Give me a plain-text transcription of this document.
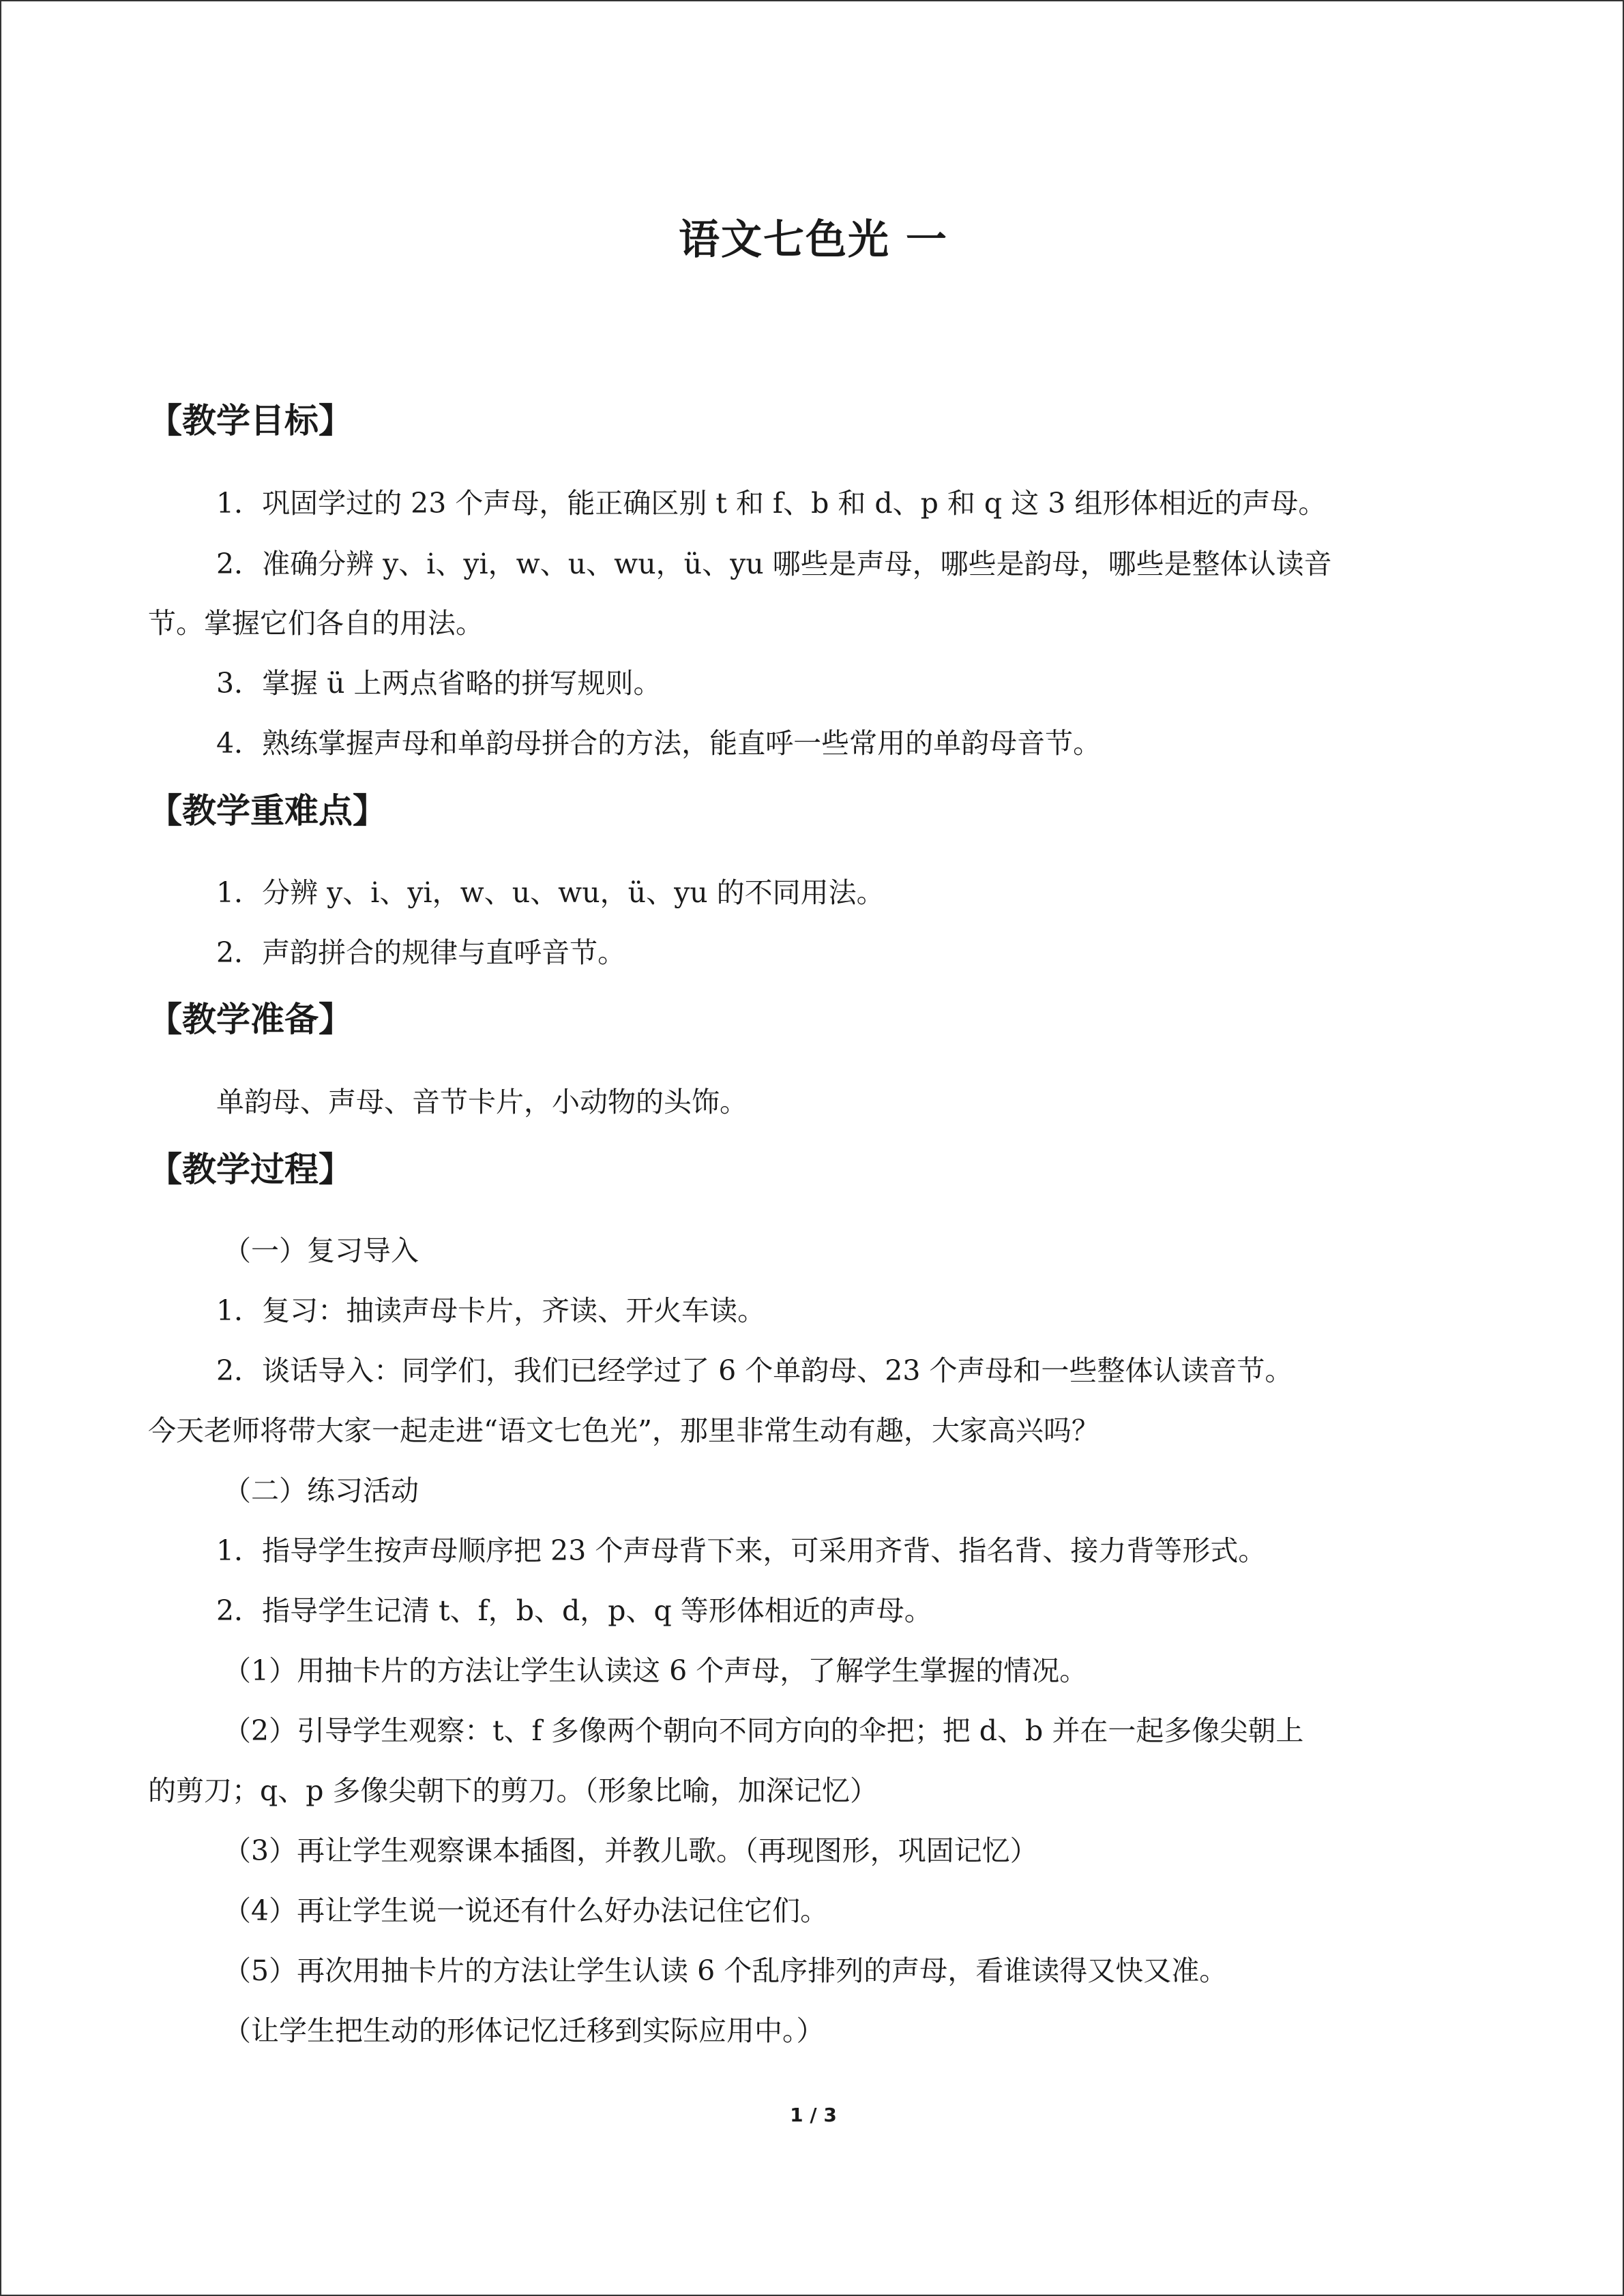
语文七色光 一
【教学目标】
1．巩固学过的 23 个声母，能正确区别 t 和 f、b 和 d、p 和 q 这 3 组形体相近的声母。
2．准确分辨 y、i、yi，w、u、wu，ü、yu 哪些是声母，哪些是韵母，哪些是整体认读音
节。掌握它们各自的用法。
3．掌握 ü 上两点省略的拼写规则。
4．熟练掌握声母和单韵母拼合的方法，能直呼一些常用的单韵母音节。
【教学重难点】
1．分辨 y、i、yi，w、u、wu，ü、yu 的不同用法。
2．声韵拼合的规律与直呼音节。
【教学准备】
单韵母、声母、音节卡片，小动物的头饰。
【教学过程】
（一）复习导入
1．复习：抽读声母卡片，齐读、开火车读。
2．谈话导入：同学们，我们已经学过了 6 个单韵母、23 个声母和一些整体认读音节。
今天老师将带大家一起走进“语文七色光”，那里非常生动有趣，大家高兴吗？
（二）练习活动
1．指导学生按声母顺序把 23 个声母背下来，可采用齐背、指名背、接力背等形式。
2．指导学生记清 t、f，b、d，p、q 等形体相近的声母。
（1）用抽卡片的方法让学生认读这 6 个声母，了解学生掌握的情况。
（2）引导学生观察：t、f 多像两个朝向不同方向的伞把；把 d、b 并在一起多像尖朝上
的剪刀；q、p 多像尖朝下的剪刀。（形象比喻，加深记忆）
（3）再让学生观察课本插图，并教儿歌。（再现图形，巩固记忆）
（4）再让学生说一说还有什么好办法记住它们。
（5）再次用抽卡片的方法让学生认读 6 个乱序排列的声母，看谁读得又快又准。
（让学生把生动的形体记忆迁移到实际应用中。）
1 / 3
